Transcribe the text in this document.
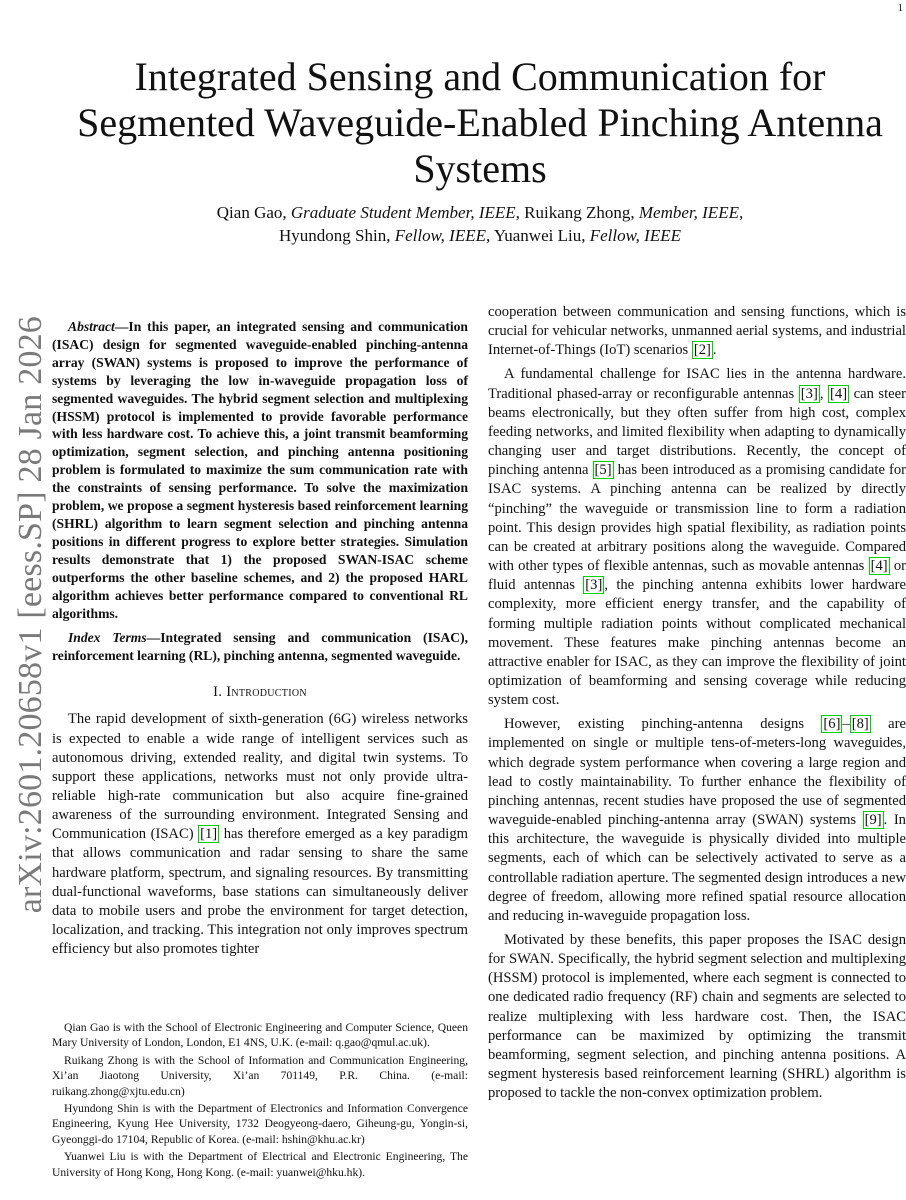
1
arXiv:2601.20658v1 [eess.SP] 28 Jan 2026
Integrated Sensing and Communication for
Segmented Waveguide-Enabled Pinching Antenna
Systems
Qian Gao, Graduate Student Member, IEEE, Ruikang Zhong, Member, IEEE,
Hyundong Shin, Fellow, IEEE, Yuanwei Liu, Fellow, IEEE

Abstract—In this paper, an integrated sensing and communication (ISAC) design for segmented waveguide-enabled pinching-antenna array (SWAN) systems is proposed to improve the performance of systems by leveraging the low in-waveguide propagation loss of segmented waveguides. The hybrid segment selection and multiplexing (HSSM) protocol is implemented to provide favorable performance with less hardware cost. To achieve this, a joint transmit beamforming optimization, segment selection, and pinching antenna positioning problem is formulated to maximize the sum communication rate with the constraints of sensing performance. To solve the maximization problem, we propose a segment hysteresis based reinforcement learning (SHRL) algorithm to learn segment selection and pinching antenna positions in different progress to explore better strategies. Simulation results demonstrate that 1) the proposed SWAN-ISAC scheme outperforms the other baseline schemes, and 2) the proposed HARL algorithm achieves better performance compared to conventional RL algorithms.

Index Terms—Integrated sensing and communication (ISAC), reinforcement learning (RL), pinching antenna, segmented waveguide.

I. Introduction

The rapid development of sixth-generation (6G) wireless networks is expected to enable a wide range of intelligent services such as autonomous driving, extended reality, and digital twin systems. To support these applications, networks must not only provide ultra-reliable high-rate communication but also acquire fine-grained awareness of the surrounding environment. Integrated Sensing and Communication (ISAC) [1] has therefore emerged as a key paradigm that allows communication and radar sensing to share the same hardware platform, spectrum, and signaling resources. By transmitting dual-functional waveforms, base stations can simultaneously deliver data to mobile users and probe the environment for target detection, localization, and tracking. This integration not only improves spectrum efficiency but also promotes tighter

cooperation between communication and sensing functions, which is crucial for vehicular networks, unmanned aerial systems, and industrial Internet-of-Things (IoT) scenarios [2] .

A fundamental challenge for ISAC lies in the antenna hardware. Traditional phased-array or reconfigurable antennas [3] , [4] can steer beams electronically, but they often suffer from high cost, complex feeding networks, and limited flexibility when adapting to dynamically changing user and target distributions. Recently, the concept of pinching antenna [5] has been introduced as a promising candidate for ISAC systems. A pinching antenna can be realized by directly “pinching” the waveguide or transmission line to form a radiation point. This design provides high spatial flexibility, as radiation points can be created at arbitrary positions along the waveguide. Compared with other types of flexible antennas, such as movable antennas [4] or fluid antennas [3] , the pinching antenna exhibits lower hardware complexity, more efficient energy transfer, and the capability of forming multiple radiation points without complicated mechanical movement. These features make pinching antennas become an attractive enabler for ISAC, as they can improve the flexibility of joint optimization of beamforming and sensing coverage while reducing system cost.

However, existing pinching-antenna designs [6] – [8] are implemented on single or multiple tens-of-meters-long waveguides, which degrade system performance when covering a large region and lead to costly maintainability. To further enhance the flexibility of pinching antennas, recent studies have proposed the use of segmented waveguide-enabled pinching-antenna array (SWAN) systems [9] . In this architecture, the waveguide is physically divided into multiple segments, each of which can be selectively activated to serve as a controllable radiation aperture. The segmented design introduces a new degree of freedom, allowing more refined spatial resource allocation and reducing in-waveguide propagation loss.

Motivated by these benefits, this paper proposes the ISAC design for SWAN. Specifically, the hybrid segment selection and multiplexing (HSSM) protocol is implemented, where each segment is connected to one dedicated radio frequency (RF) chain and segments are selected to realize multiplexing with less hardware cost. Then, the ISAC performance can be maximized by optimizing the transmit beamforming, segment selection, and pinching antenna positions. A segment hysteresis based reinforcement learning (SHRL) algorithm is proposed to tackle the non-convex optimization problem.

Qian Gao is with the School of Electronic Engineering and Computer Science, Queen Mary University of London, London, E1 4NS, U.K. (e-mail: q.gao@qmul.ac.uk).

Ruikang Zhong is with the School of Information and Communication Engineering, Xi’an Jiaotong University, Xi’an 701149, P.R. China. (e-mail: ruikang.zhong@xjtu.edu.cn)

Hyundong Shin is with the Department of Electronics and Information Convergence Engineering, Kyung Hee University, 1732 Deogyeong-daero, Giheung-gu, Yongin-si, Gyeonggi-do 17104, Republic of Korea. (e-mail: hshin@khu.ac.kr)

Yuanwei Liu is with the Department of Electrical and Electronic Engineering, The University of Hong Kong, Hong Kong. (e-mail: yuanwei@hku.hk).
